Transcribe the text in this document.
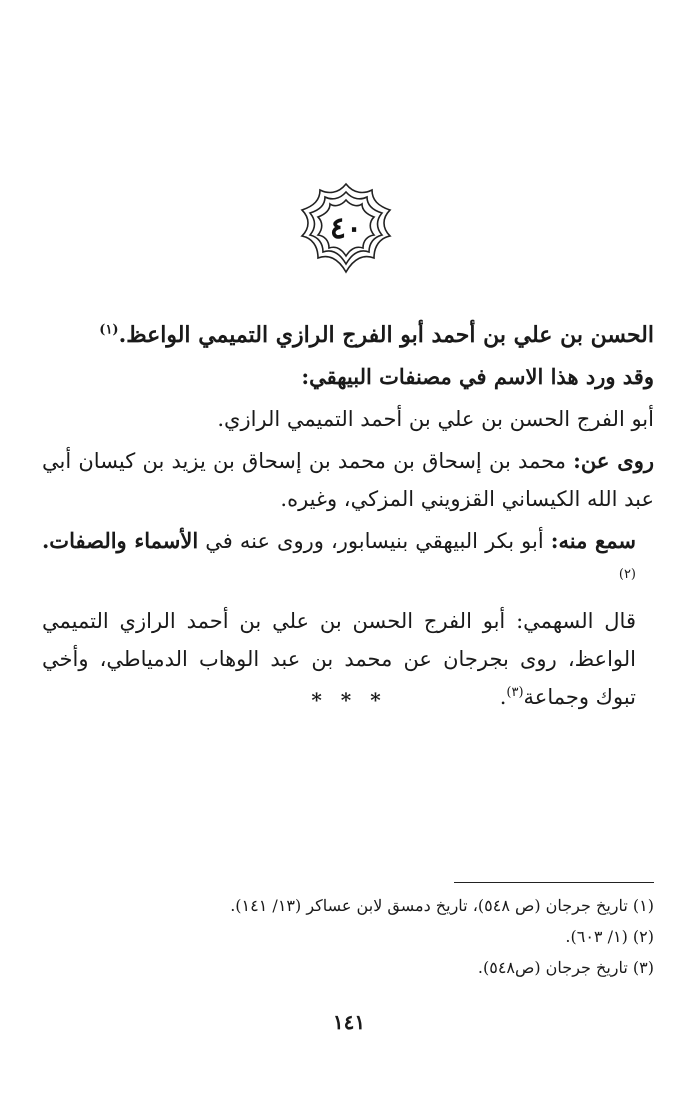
٤٠

الحسن بن علي بن أحمد أبو الفرج الرازي التميمي الواعظ.$^{(١)}$

وقد ورد هذا الاسم في مصنفات البيهقي:

أبو الفرج الحسن بن علي بن أحمد التميمي الرازي.

روى عن: محمد بن إسحاق بن محمد بن إسحاق بن يزيد بن كيسان أبي عبد الله الكيساني القزويني المزكي، وغيره.

سمع منه: أبو بكر البيهقي بنيسابور، وروى عنه في الأسماء والصفات.$^{(٢)}$

قال السهمي: أبو الفرج الحسن بن علي بن أحمد الرازي التميمي الواعظ، روى بجرجان عن محمد بن عبد الوهاب الدمياطي، وأخي تبوك وجماعة$^{(٣)}$.

* * *

(١) تاريخ جرجان (ص ٥٤٨)، تاريخ دمسق لابن عساكر (١٣/ ١٤١).

(٢) (١/ ٦٠٣).

(٣) تاريخ جرجان (ص٥٤٨).

١٤١
